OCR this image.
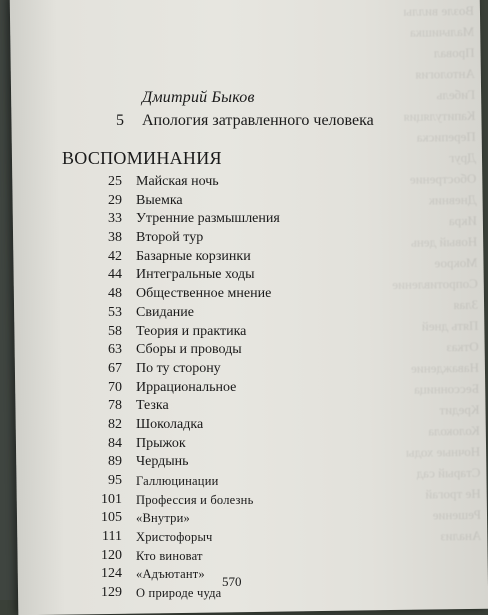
Возле виллы
Мальчишка
Провал
Антология
Гибель
Капитуляция
Переписка
Друг
Обострение
Дневник
Икра
Новый день
Мокрое
Сопротивление
Злая
Пять дней
Отказ
Наваждение
Бессонница
Кредит
Колокола
Ночные ходы
Старый сад
Не трогай
Решение
Анализ
Дмитрий Быков
5 Апология затравленного человека
ВОСПОМИНАНИЯ
25 Майская ночь
29 Выемка
33 Утренние размышления
38 Второй тур
42 Базарные корзинки
44 Интегральные ходы
48 Общественное мнение
53 Свидание
58 Теория и практика
63 Сборы и проводы
67 По ту сторону
70 Иррациональное
78 Тезка
82 Шоколадка
84 Прыжок
89 Чердынь
95 Галлюцинации
101 Профессия и болезнь
105 «Внутри»
111 Христофорыч
120 Кто виноват
124 «Адъютант»
129 О природе чуда
570
